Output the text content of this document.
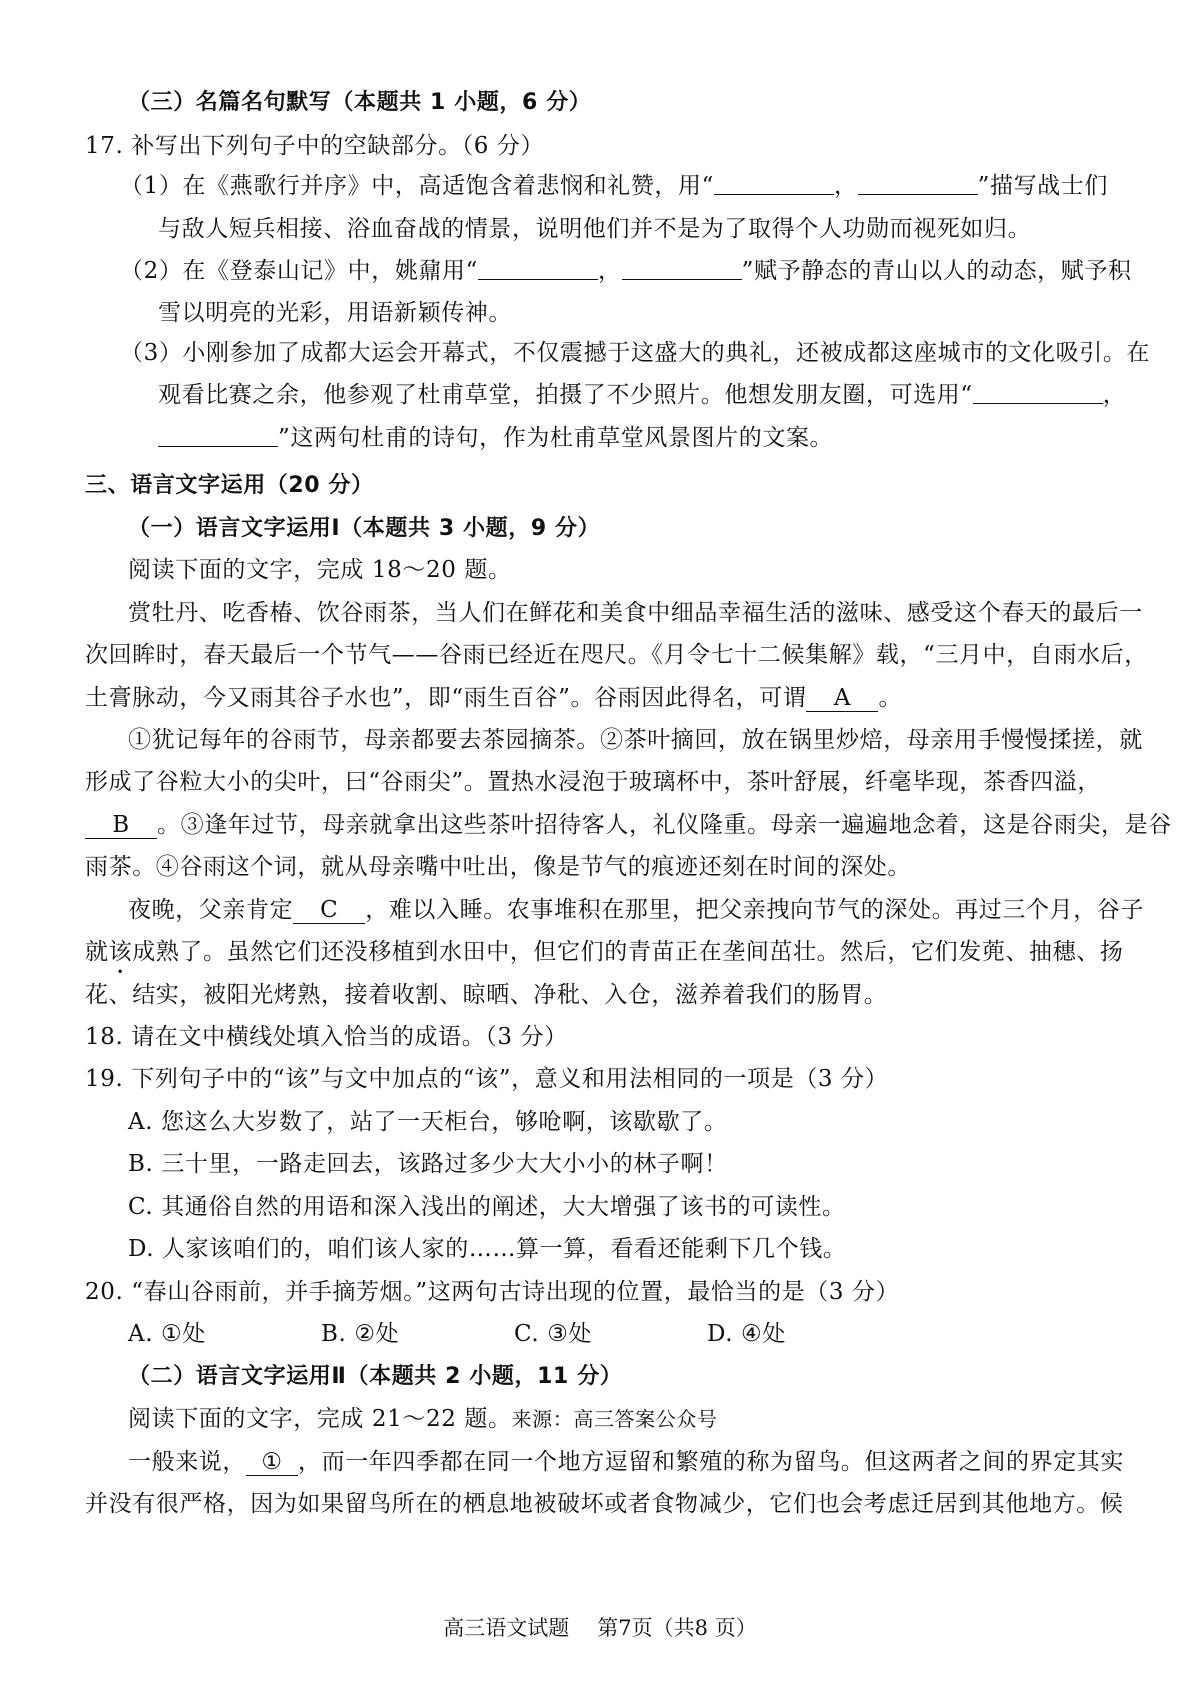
（三）名篇名句默写（本题共 1 小题，6 分）
17. 补写出下列句子中的空缺部分。（6 分）
（1）在《燕歌行并序》中，高适饱含着悲悯和礼赞，用“	，	”描写战士们
与敌人短兵相接、浴血奋战的情景，说明他们并不是为了取得个人功勋而视死如归。
（2）在《登泰山记》中，姚鼐用“	，	”赋予静态的青山以人的动态，赋予积
雪以明亮的光彩，用语新颖传神。
（3）小刚参加了成都大运会开幕式，不仅震撼于这盛大的典礼，还被成都这座城市的文化吸引。在
观看比赛之余，他参观了杜甫草堂，拍摄了不少照片。他想发朋友圈，可选用“	，
”这两句杜甫的诗句，作为杜甫草堂风景图片的文案。
三、语言文字运用（20 分）
（一）语言文字运用Ⅰ（本题共 3 小题，9 分）
阅读下面的文字，完成 18～20 题。
赏牡丹、吃香椿、饮谷雨茶，当人们在鲜花和美食中细品幸福生活的滋味、感受这个春天的最后一
次回眸时，春天最后一个节气——谷雨已经近在咫尺。《月令七十二候集解》载，“三月中，自雨水后，
土膏脉动，今又雨其谷子水也”，即“雨生百谷”。谷雨因此得名，可谓 A 。
①犹记每年的谷雨节，母亲都要去茶园摘茶。②茶叶摘回，放在锅里炒焙，母亲用手慢慢揉搓，就
形成了谷粒大小的尖叶，曰“谷雨尖”。置热水浸泡于玻璃杯中，茶叶舒展，纤毫毕现，茶香四溢，
B 。③逢年过节，母亲就拿出这些茶叶招待客人，礼仪隆重。母亲一遍遍地念着，这是谷雨尖，是谷
雨茶。④谷雨这个词，就从母亲嘴中吐出，像是节气的痕迹还刻在时间的深处。
夜晚，父亲肯定 C ，难以入睡。农事堆积在那里，把父亲拽向节气的深处。再过三个月，谷子
就该成熟了。虽然它们还没移植到水田中，但它们的青苗正在垄间茁壮。然后，它们发蔸、抽穗、扬
花、结实，被阳光烤熟，接着收割、晾晒、净秕、入仓，滋养着我们的肠胃。
18. 请在文中横线处填入恰当的成语。（3 分）
19. 下列句子中的“该”与文中加点的“该”，意义和用法相同的一项是（3 分）
A. 您这么大岁数了，站了一天柜台，够呛啊，该歇歇了。
B. 三十里，一路走回去，该路过多少大大小小的林子啊！
C. 其通俗自然的用语和深入浅出的阐述，大大增强了该书的可读性。
D. 人家该咱们的，咱们该人家的……算一算，看看还能剩下几个钱。
20. “春山谷雨前，并手摘芳烟。”这两句古诗出现的位置，最恰当的是（3 分）
A. ①处	B. ②处	C. ③处	D. ④处
（二）语言文字运用Ⅱ（本题共 2 小题，11 分）
阅读下面的文字，完成 21～22 题。来源：高三答案公众号
一般来说， ① ，而一年四季都在同一个地方逗留和繁殖的称为留鸟。但这两者之间的界定其实
并没有很严格，因为如果留鸟所在的栖息地被破坏或者食物减少，它们也会考虑迁居到其他地方。候
高三语文试题 第7页（共8 页）
